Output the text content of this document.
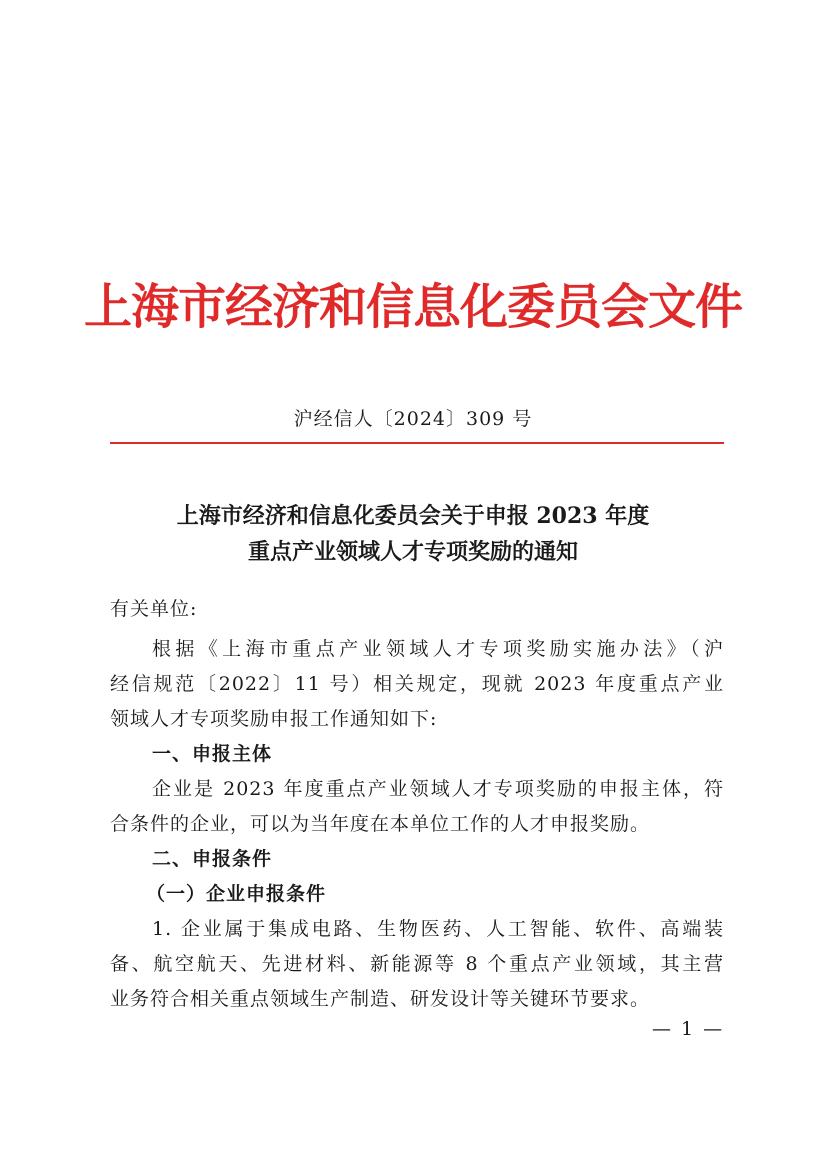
上海市经济和信息化委员会文件
沪经信人〔2024〕309 号
上海市经济和信息化委员会关于申报 2023 年度
重点产业领域人才专项奖励的通知
有关单位:
根据《上海市重点产业领域人才专项奖励实施办法》（沪
经信规范〔2022〕11 号）相关规定，现就 2023 年度重点产业
领域人才专项奖励申报工作通知如下:
一、申报主体
企业是 2023 年度重点产业领域人才专项奖励的申报主体，符
合条件的企业，可以为当年度在本单位工作的人才申报奖励。
二、申报条件
（一）企业申报条件
1. 企业属于集成电路、生物医药、人工智能、软件、高端装
备、航空航天、先进材料、新能源等 8 个重点产业领域，其主营
业务符合相关重点领域生产制造、研发设计等关键环节要求。
— 1 —
